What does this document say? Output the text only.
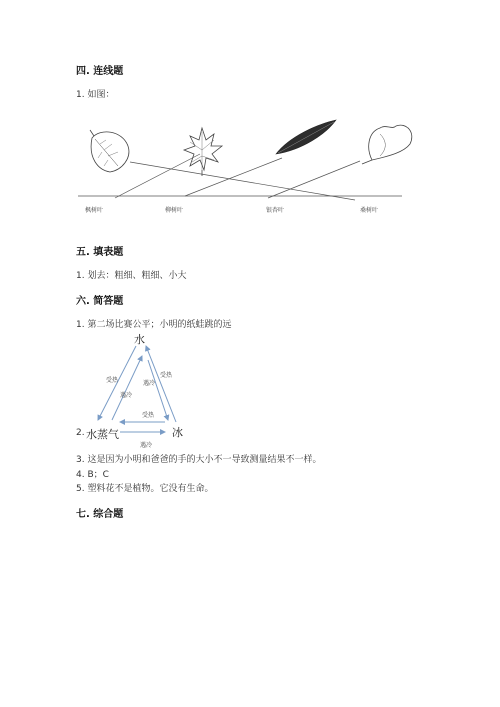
四. 连线题
1. 如图：
枫树叶	柳树叶	银杏叶	桑树叶
五. 填表题
1. 划去：粗细、粗细、小大
六. 简答题
1. 第二场比赛公平；小明的纸蛙跳的远
水
2. 水蒸气	冰
受热
遇冷
受热
遇冷
受热
遇冷
3. 这是因为小明和爸爸的手的大小不一导致测量结果不一样。
4. B；C
5. 塑料花不是植物。它没有生命。
七. 综合题
